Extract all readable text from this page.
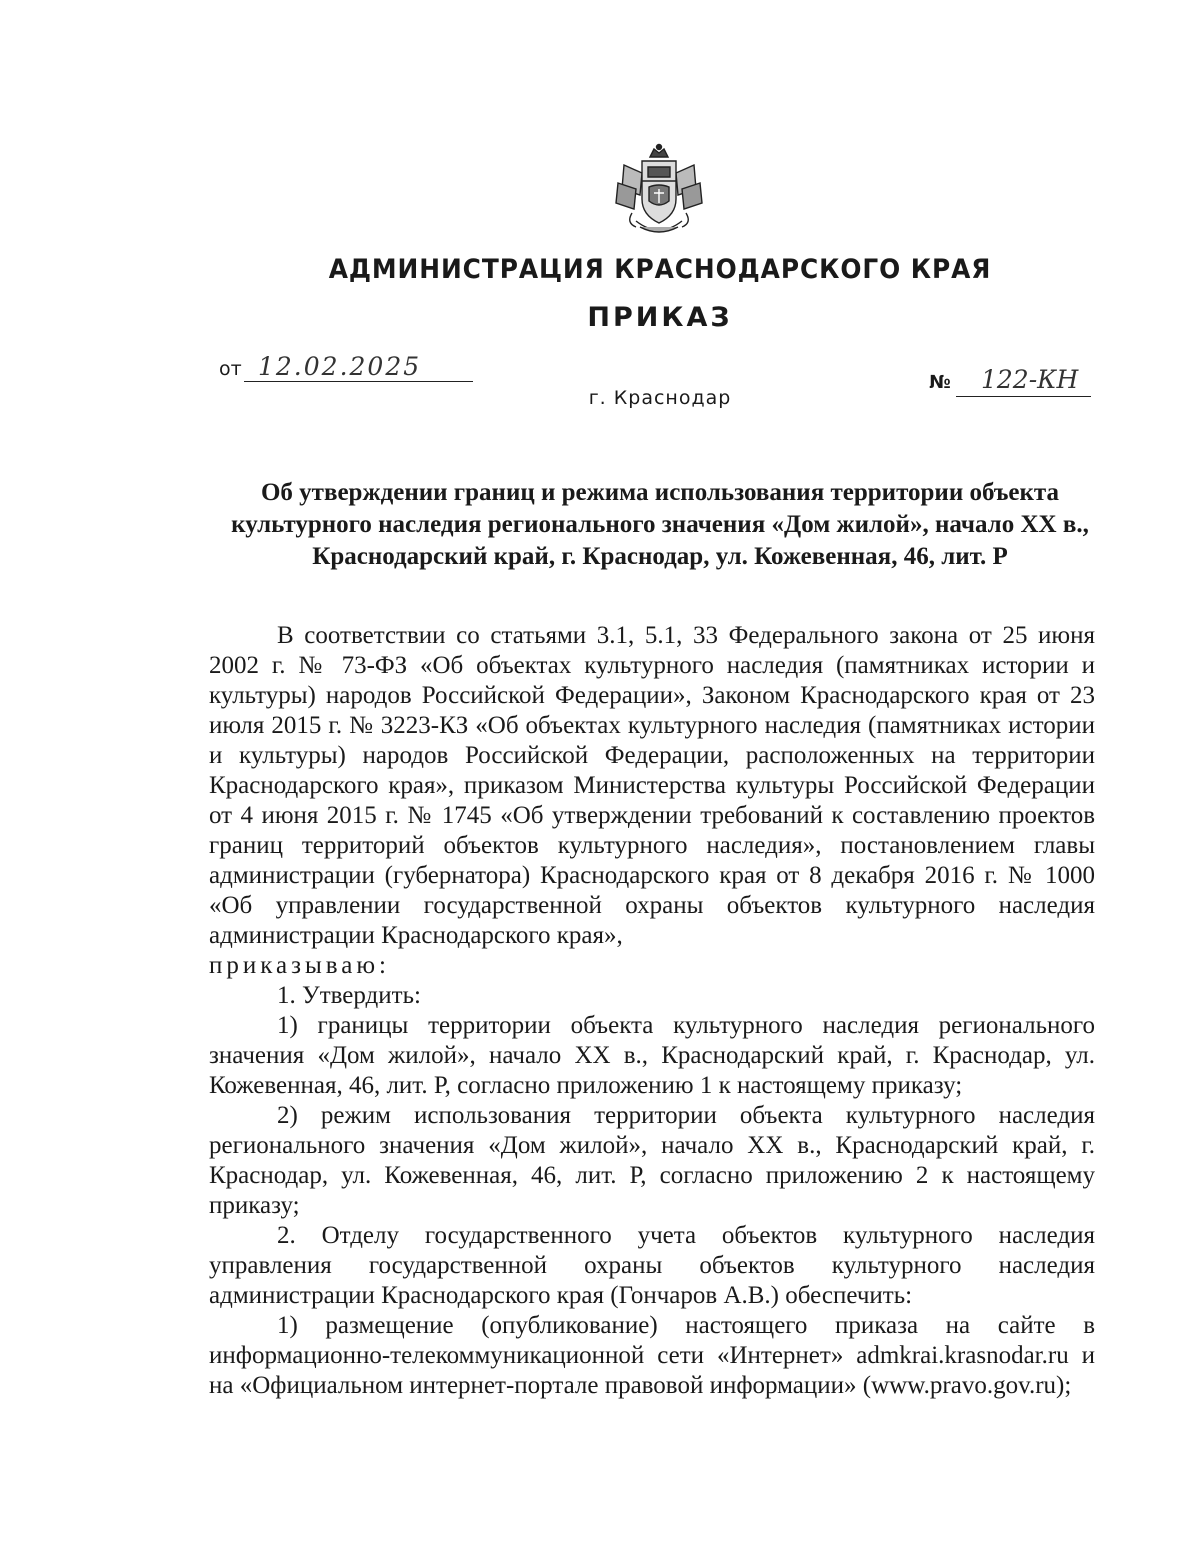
АДМИНИСТРАЦИЯ КРАСНОДАРСКОГО КРАЯ
ПРИКАЗ
от 12.02.2025
г. Краснодар
№ 122-КН
Об утверждении границ и режима использования территории объекта культурного наследия регионального значения «Дом жилой», начало XX в., Краснодарский край, г. Краснодар, ул. Кожевенная, 46, лит. Р

В соответствии со статьями 3.1, 5.1, 33 Федерального закона от 25 июня 2002 г. № 73-ФЗ «Об объектах культурного наследия (памятниках истории и культуры) народов Российской Федерации», Законом Краснодарского края от 23 июля 2015 г. № 3223-КЗ «Об объектах культурного наследия (памятниках истории и культуры) народов Российской Федерации, расположенных на территории Краснодарского края», приказом Министерства культуры Российской Федерации от 4 июня 2015 г. № 1745 «Об утверждении требований к составлению проектов границ территорий объектов культурного наследия», постановлением главы администрации (губернатора) Краснодарского края от 8 декабря 2016 г. № 1000 «Об управлении государственной охраны объектов культурного наследия администрации Краснодарского края»,

приказываю:

1. Утвердить:

1) границы территории объекта культурного наследия регионального значения «Дом жилой», начало XX в., Краснодарский край, г. Краснодар, ул. Кожевенная, 46, лит. Р, согласно приложению 1 к настоящему приказу;

2) режим использования территории объекта культурного наследия регионального значения «Дом жилой», начало XX в., Краснодарский край, г. Краснодар, ул. Кожевенная, 46, лит. Р, согласно приложению 2 к настоящему приказу;

2. Отделу государственного учета объектов культурного наследия управления государственной охраны объектов культурного наследия администрации Краснодарского края (Гончаров А.В.) обеспечить:

1) размещение (опубликование) настоящего приказа на сайте в информационно-телекоммуникационной сети «Интернет» admkrai.krasnodar.ru и на «Официальном интернет-портале правовой информации» (www.pravo.gov.ru);
